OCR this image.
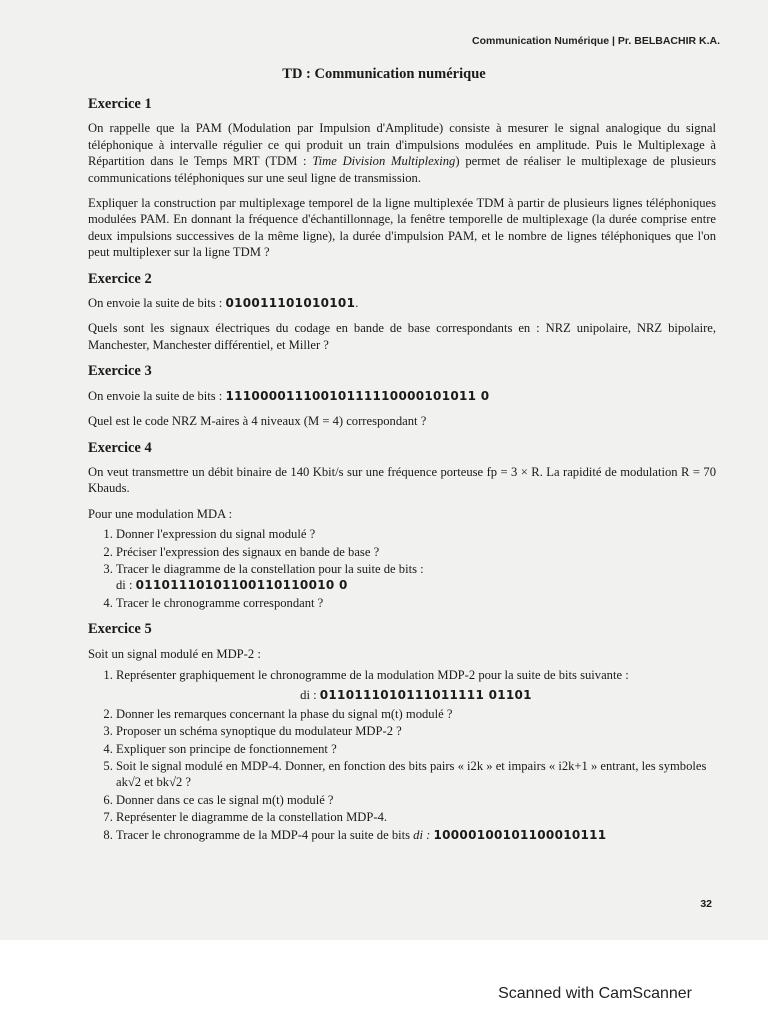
Communication Numérique | Pr. BELBACHIR K.A.
TD : Communication numérique
Exercice 1

On rappelle que la PAM (Modulation par Impulsion d'Amplitude) consiste à mesurer le signal analogique du signal téléphonique à intervalle régulier ce qui produit un train d'impulsions modulées en amplitude. Puis le Multiplexage à Répartition dans le Temps MRT (TDM : Time Division Multiplexing) permet de réaliser le multiplexage de plusieurs communications téléphoniques sur une seul ligne de transmission.

Expliquer la construction par multiplexage temporel de la ligne multiplexée TDM à partir de plusieurs lignes téléphoniques modulées PAM. En donnant la fréquence d'échantillonnage, la fenêtre temporelle de multiplexage (la durée comprise entre deux impulsions successives de la même ligne), la durée d'impulsion PAM, et le nombre de lignes téléphoniques que l'on peut multiplexer sur la ligne TDM ?

Exercice 2

On envoie la suite de bits : 010011101010101.

Quels sont les signaux électriques du codage en bande de base correspondants en : NRZ unipolaire, NRZ bipolaire, Manchester, Manchester différentiel, et Miller ?

Exercice 3

On envoie la suite de bits : 11100001110010111110000101011 0

Quel est le code NRZ M-aires à 4 niveaux (M = 4) correspondant ?

Exercice 4

On veut transmettre un débit binaire de 140 Kbit/s sur une fréquence porteuse fp = 3 × R. La rapidité de modulation R = 70 Kbauds.

Pour une modulation MDA :

1. Donner l'expression du signal modulé ?
2. Préciser l'expression des signaux en bande de base ?
3. Tracer le diagramme de la constellation pour la suite de bits :
di : 01101110101100110110010 0
4. Tracer le chronogramme correspondant ?
Exercice 5

Soit un signal modulé en MDP-2 :

1. Représenter graphiquement le chronogramme de la modulation MDP-2 pour la suite de bits suivante :
di : 0110111010111011111 01101
2. Donner les remarques concernant la phase du signal m(t) modulé ?
3. Proposer un schéma synoptique du modulateur MDP-2 ?
4. Expliquer son principe de fonctionnement ?
5. Soit le signal modulé en MDP-4. Donner, en fonction des bits pairs « i2k » et impairs « i2k+1 » entrant, les symboles ak√2 et bk√2 ?
6. Donner dans ce cas le signal m(t) modulé ?
7. Représenter le diagramme de la constellation MDP-4.
8. Tracer le chronogramme de la MDP-4 pour la suite de bits di : 10000100101100010111
32
Scanned with CamScanner
